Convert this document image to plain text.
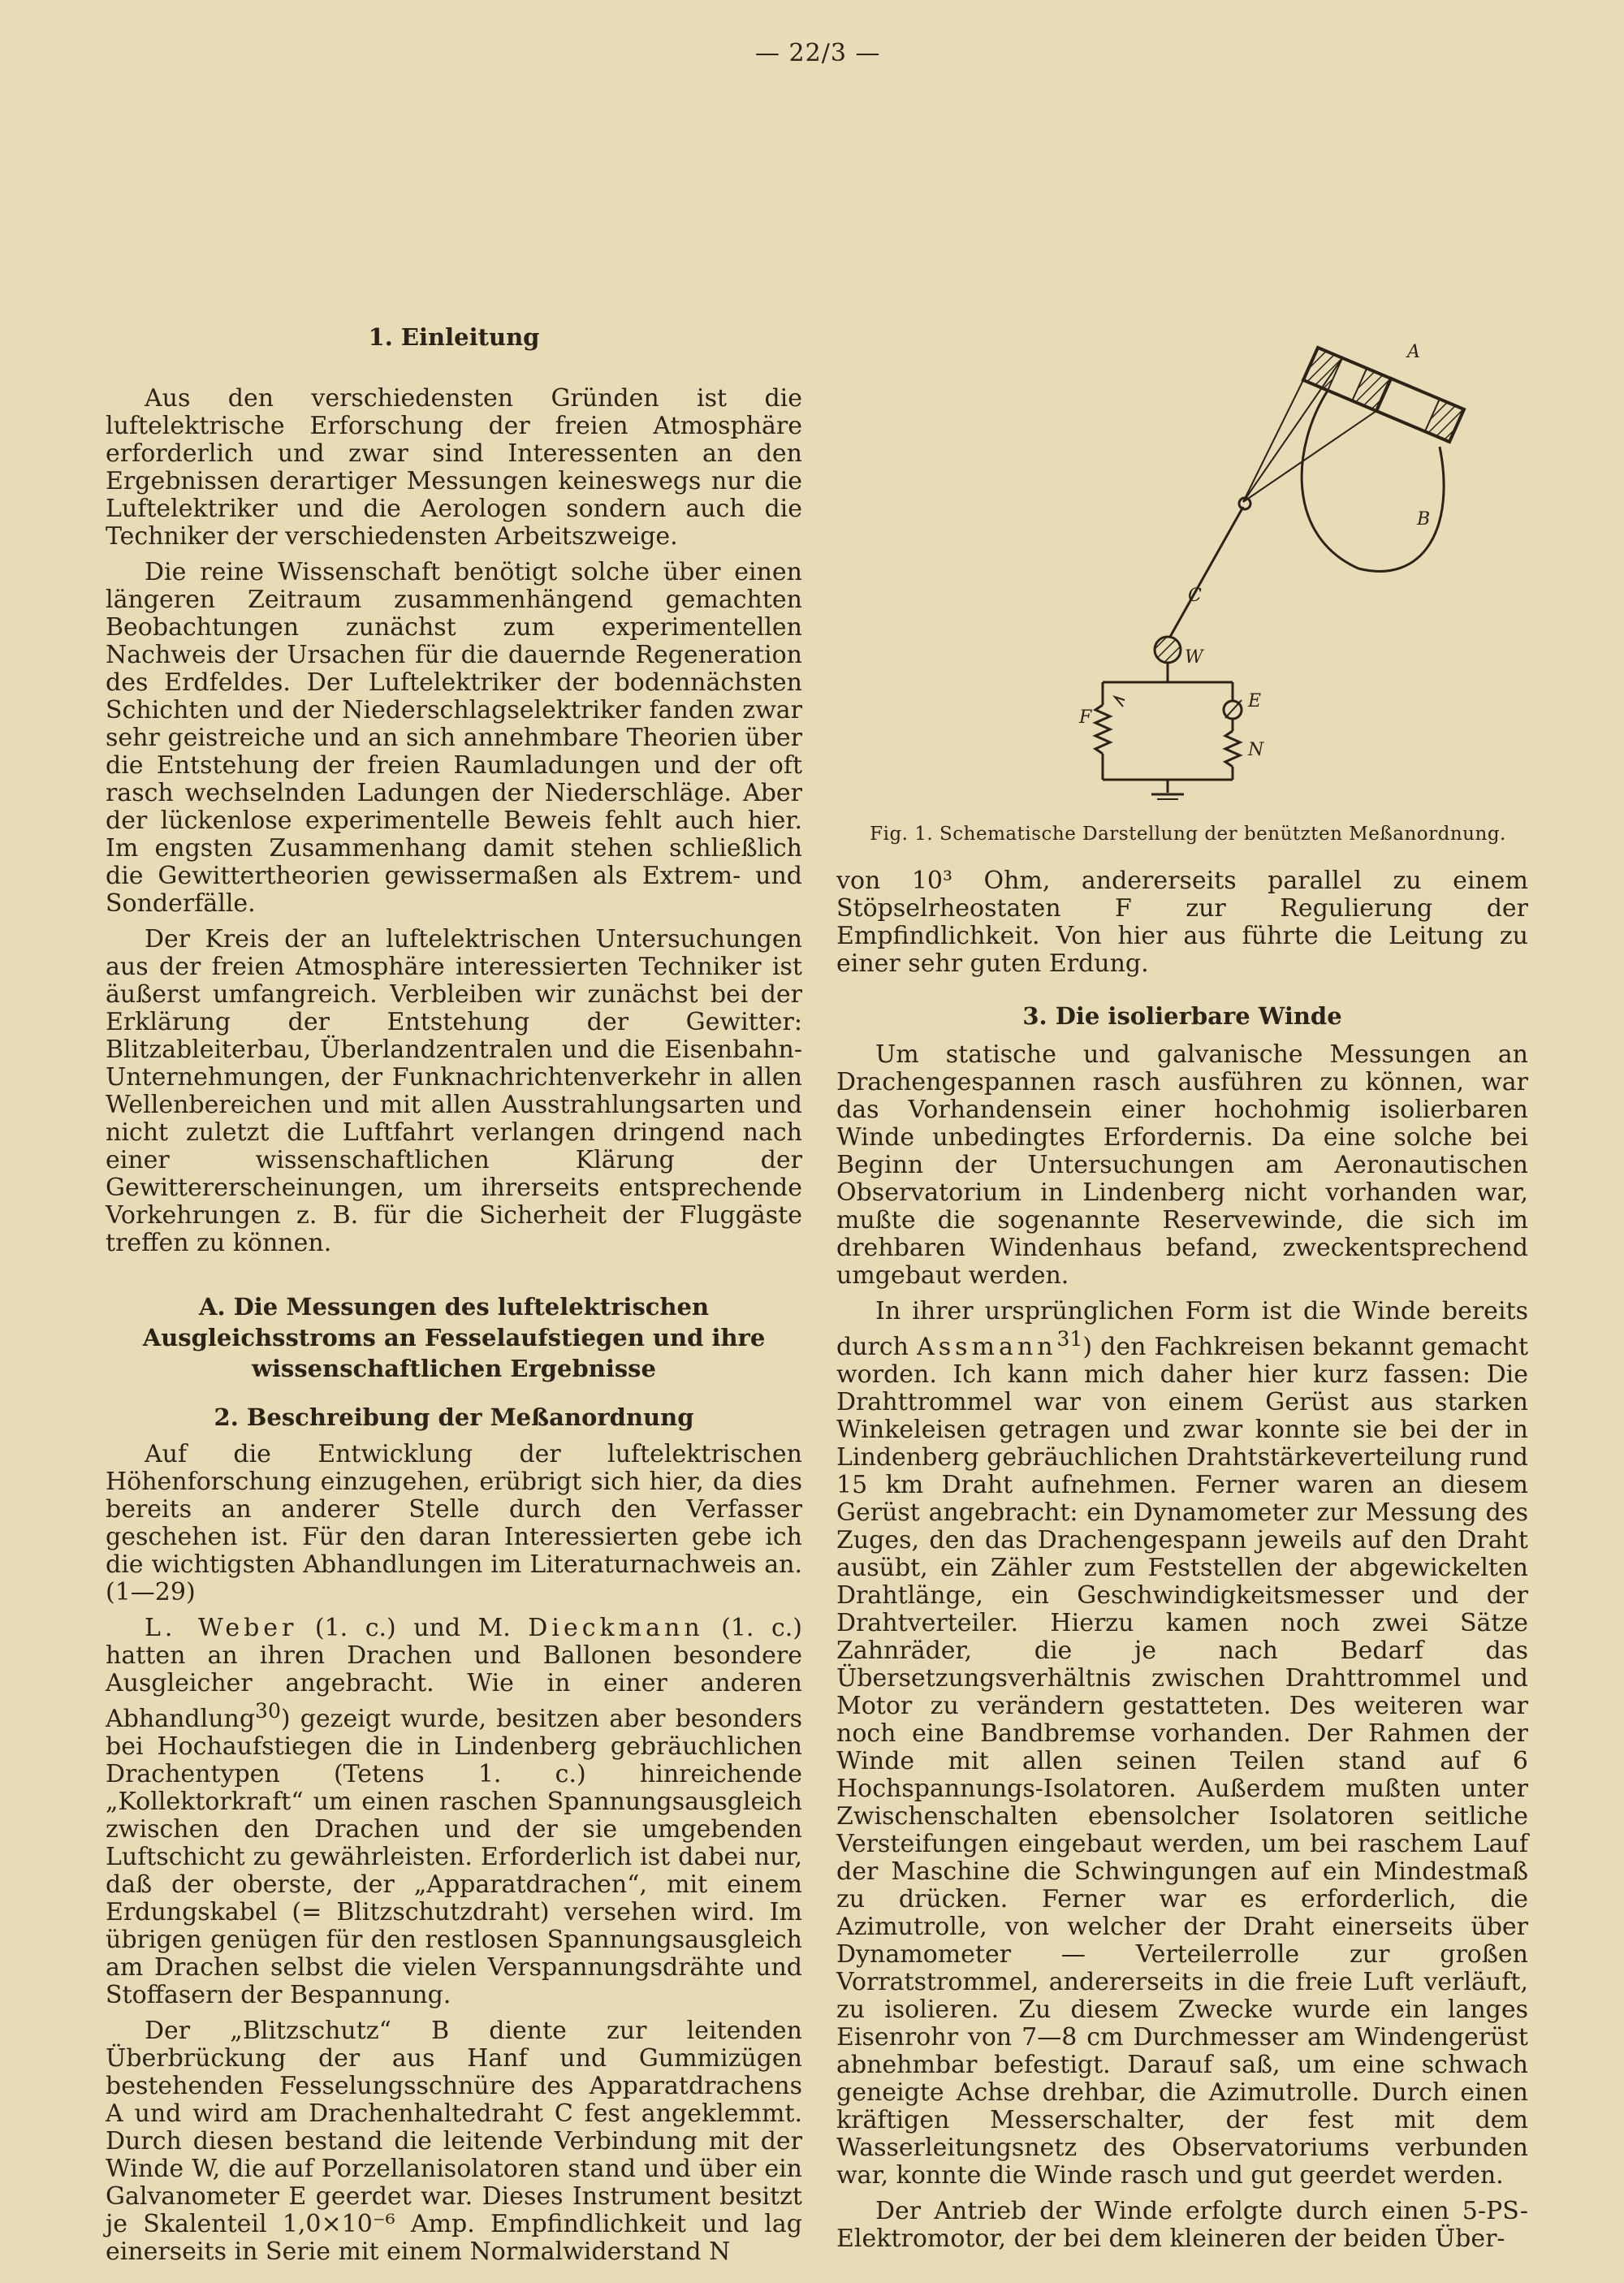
— 22/3 —
1. Einleitung

Aus den verschiedensten Gründen ist die luftelektrische Erforschung der freien Atmosphäre erforderlich und zwar sind Interessenten an den Ergebnissen derartiger Messungen keineswegs nur die Luftelektriker und die Aerologen sondern auch die Techniker der verschiedensten Arbeitszweige.

Die reine Wissenschaft benötigt solche über einen längeren Zeitraum zusammenhängend gemachten Beobachtungen zunächst zum experimentellen Nachweis der Ursachen für die dauernde Regeneration des Erdfeldes. Der Luftelektriker der bodennächsten Schichten und der Niederschlagselektriker fanden zwar sehr geistreiche und an sich annehmbare Theorien über die Entstehung der freien Raumladungen und der oft rasch wechselnden Ladungen der Niederschläge. Aber der lückenlose experimentelle Beweis fehlt auch hier. Im engsten Zusammenhang damit stehen schließlich die Gewittertheorien gewissermaßen als Extrem- und Sonderfälle.

Der Kreis der an luftelektrischen Untersuchungen aus der freien Atmosphäre interessierten Techniker ist äußerst umfangreich. Verbleiben wir zunächst bei der Erklärung der Entstehung der Gewitter: Blitzableiterbau, Überlandzentralen und die Eisenbahn-Unternehmungen, der Funknachrichtenverkehr in allen Wellenbereichen und mit allen Ausstrahlungsarten und nicht zuletzt die Luftfahrt verlangen dringend nach einer wissenschaftlichen Klärung der Gewittererscheinungen, um ihrerseits entsprechende Vorkehrungen z. B. für die Sicherheit der Fluggäste treffen zu können.

A. Die Messungen des luftelektrischen Ausgleichsstroms an Fesselaufstiegen und ihre wissenschaftlichen Ergebnisse
2. Beschreibung der Meßanordnung

Auf die Entwicklung der luftelektrischen Höhenforschung einzugehen, erübrigt sich hier, da dies bereits an anderer Stelle durch den Verfasser geschehen ist. Für den daran Interessierten gebe ich die wichtigsten Abhandlungen im Literaturnachweis an. (1—29)

L. Weber (1. c.) und M. Dieckmann (1. c.) hatten an ihren Drachen und Ballonen besondere Ausgleicher angebracht. Wie in einer anderen Abhandlung$^{30}$) gezeigt wurde, besitzen aber besonders bei Hochaufstiegen die in Lindenberg gebräuchlichen Drachentypen (Tetens 1. c.) hinreichende „Kollektorkraft“ um einen raschen Spannungsausgleich zwischen den Drachen und der sie umgebenden Luftschicht zu gewährleisten. Erforderlich ist dabei nur, daß der oberste, der „Apparatdrachen“, mit einem Erdungskabel (= Blitzschutzdraht) versehen wird. Im übrigen genügen für den restlosen Spannungsausgleich am Drachen selbst die vielen Verspannungsdrähte und Stoffasern der Bespannung.

Der „Blitzschutz“ B diente zur leitenden Überbrückung der aus Hanf und Gummizügen bestehenden Fesselungsschnüre des Apparatdrachens A und wird am Drachenhaltedraht C fest angeklemmt. Durch diesen bestand die leitende Verbindung mit der Winde W, die auf Porzellanisolatoren stand und über ein Galvanometer E geerdet war. Dieses Instrument besitzt je Skalenteil 1,0×10⁻⁶ Amp. Empfindlichkeit und lag einerseits in Serie mit einem Normalwiderstand N

A
B
C
W
E
F
N
Fig. 1. Schematische Darstellung der benützten Meßanordnung.

von 10³ Ohm, andererseits parallel zu einem Stöpselrheostaten F zur Regulierung der Empfindlichkeit. Von hier aus führte die Leitung zu einer sehr guten Erdung.

3. Die isolierbare Winde

Um statische und galvanische Messungen an Drachengespannen rasch ausführen zu können, war das Vorhandensein einer hochohmig isolierbaren Winde unbedingtes Erfordernis. Da eine solche bei Beginn der Untersuchungen am Aeronautischen Observatorium in Lindenberg nicht vorhanden war, mußte die sogenannte Reservewinde, die sich im drehbaren Windenhaus befand, zweckentsprechend umgebaut werden.

In ihrer ursprünglichen Form ist die Winde bereits durch Assmann$^{31}$) den Fachkreisen bekannt gemacht worden. Ich kann mich daher hier kurz fassen: Die Drahttrommel war von einem Gerüst aus starken Winkeleisen getragen und zwar konnte sie bei der in Lindenberg gebräuchlichen Drahtstärkeverteilung rund 15 km Draht aufnehmen. Ferner waren an diesem Gerüst angebracht: ein Dynamometer zur Messung des Zuges, den das Drachengespann jeweils auf den Draht ausübt, ein Zähler zum Feststellen der abgewickelten Drahtlänge, ein Geschwindigkeitsmesser und der Drahtverteiler. Hierzu kamen noch zwei Sätze Zahnräder, die je nach Bedarf das Übersetzungsverhältnis zwischen Drahttrommel und Motor zu verändern gestatteten. Des weiteren war noch eine Bandbremse vorhanden. Der Rahmen der Winde mit allen seinen Teilen stand auf 6 Hochspannungs-Isolatoren. Außerdem mußten unter Zwischenschalten ebensolcher Isolatoren seitliche Versteifungen eingebaut werden, um bei raschem Lauf der Maschine die Schwingungen auf ein Mindestmaß zu drücken. Ferner war es erforderlich, die Azimutrolle, von welcher der Draht einerseits über Dynamometer — Verteilerrolle zur großen Vorratstrommel, andererseits in die freie Luft verläuft, zu isolieren. Zu diesem Zwecke wurde ein langes Eisenrohr von 7—8 cm Durchmesser am Windengerüst abnehmbar befestigt. Darauf saß, um eine schwach geneigte Achse drehbar, die Azimutrolle. Durch einen kräftigen Messerschalter, der fest mit dem Wasserleitungsnetz des Observatoriums verbunden war, konnte die Winde rasch und gut geerdet werden.

Der Antrieb der Winde erfolgte durch einen 5-PS-Elektromotor, der bei dem kleineren der beiden Über-
